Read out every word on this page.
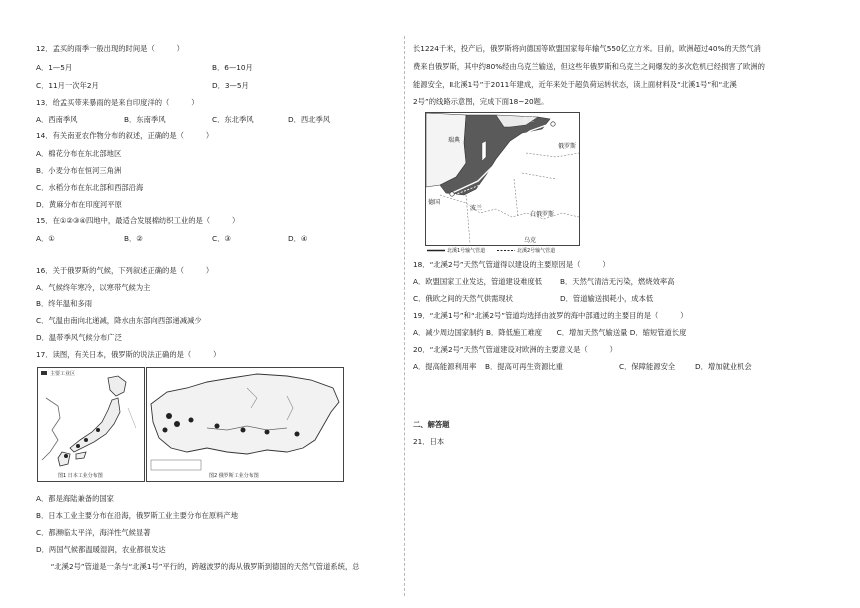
12．孟买的雨季一般出现的时间是（　　　）
A．1—5月	B．6—10月
C．11月一次年2月	D．3—5月
13．给孟买带来暴雨的是来自印度洋的（　　　）
A．西南季风	B．东南季风	C．东北季风	D．西北季风
14．有关南亚农作物分布的叙述，正确的是（　　　）
A．棉花分布在东北部地区
B．小麦分布在恒河三角洲
C．水稻分布在东北部和西部沿海
D．黄麻分布在印度河平原
15．在①②③④四地中，最适合发展棉纺织工业的是（　　　）
A．①	B．②	C．③	D．④
16．关于俄罗斯的气候，下列叙述正确的是（　　　）
A．气候终年寒冷，以寒带气候为主
B．终年温和多雨
C．气温由南向北递减，降水由东部向西部递减减少
D．温带季风气候分布广泛
17．读图，有关日本，俄罗斯的说法正确的是（　　　）
主要工业区
图1 日本工业分布图	图2 俄罗斯工业分布图
A．都是海陆兼备的国家
B．日本工业主要分布在沿海，俄罗斯工业主要分布在原料产地
C．都濒临太平洋，海洋性气候显著
D．两国气候都温暖湿润，农业都很发达
　　“北溪2号”管道是一条与“北溪1号”平行的，跨越波罗的海从俄罗斯到德国的天然气管道系统，总
长1224千米，投产后，俄罗斯将向德国等欧盟国家每年输气550亿立方米。目前，欧洲超过40%的天然气消
费来自俄罗斯，其中约80%经由乌克兰输送，但这些年俄罗斯和乌克兰之间爆发的多次危机已经损害了欧洲的
能源安全，Ⅱ北溪1号”于2011年建成，近年来处于超负荷运转状态，读上面材料及“北溪1号”和“北溪
2号”的线路示意图，完成下面18~20题。
瑞典
芬兰
俄罗斯
德国
波兰
白俄罗斯
乌克
北溪1号输气管道	北溪2号输气管道
18．“北溪2号”天然气管道得以建设的主要原因是（　　　）
A．欧盟国家工业发达，管道建设难度低 B．天然气清洁无污染，燃烧效率高
C．俄欧之间的天然气供需现状	D．管道输送损耗小，成本低
19．“北溪1号”和“北溪2号”管道均选择由波罗的海中部通过的主要目的是（　　　）
A．减少周边国家制约 B．降低施工难度　　C．增加天然气输送量 D．缩短管道长度
20．“北溪2号”天然气管道建设对欧洲的主要意义是（　　　）
A．提高能源利用率 B．提高可再生资源比重	C．保障能源安全	D．增加就业机会
二、解答题
21．日本
